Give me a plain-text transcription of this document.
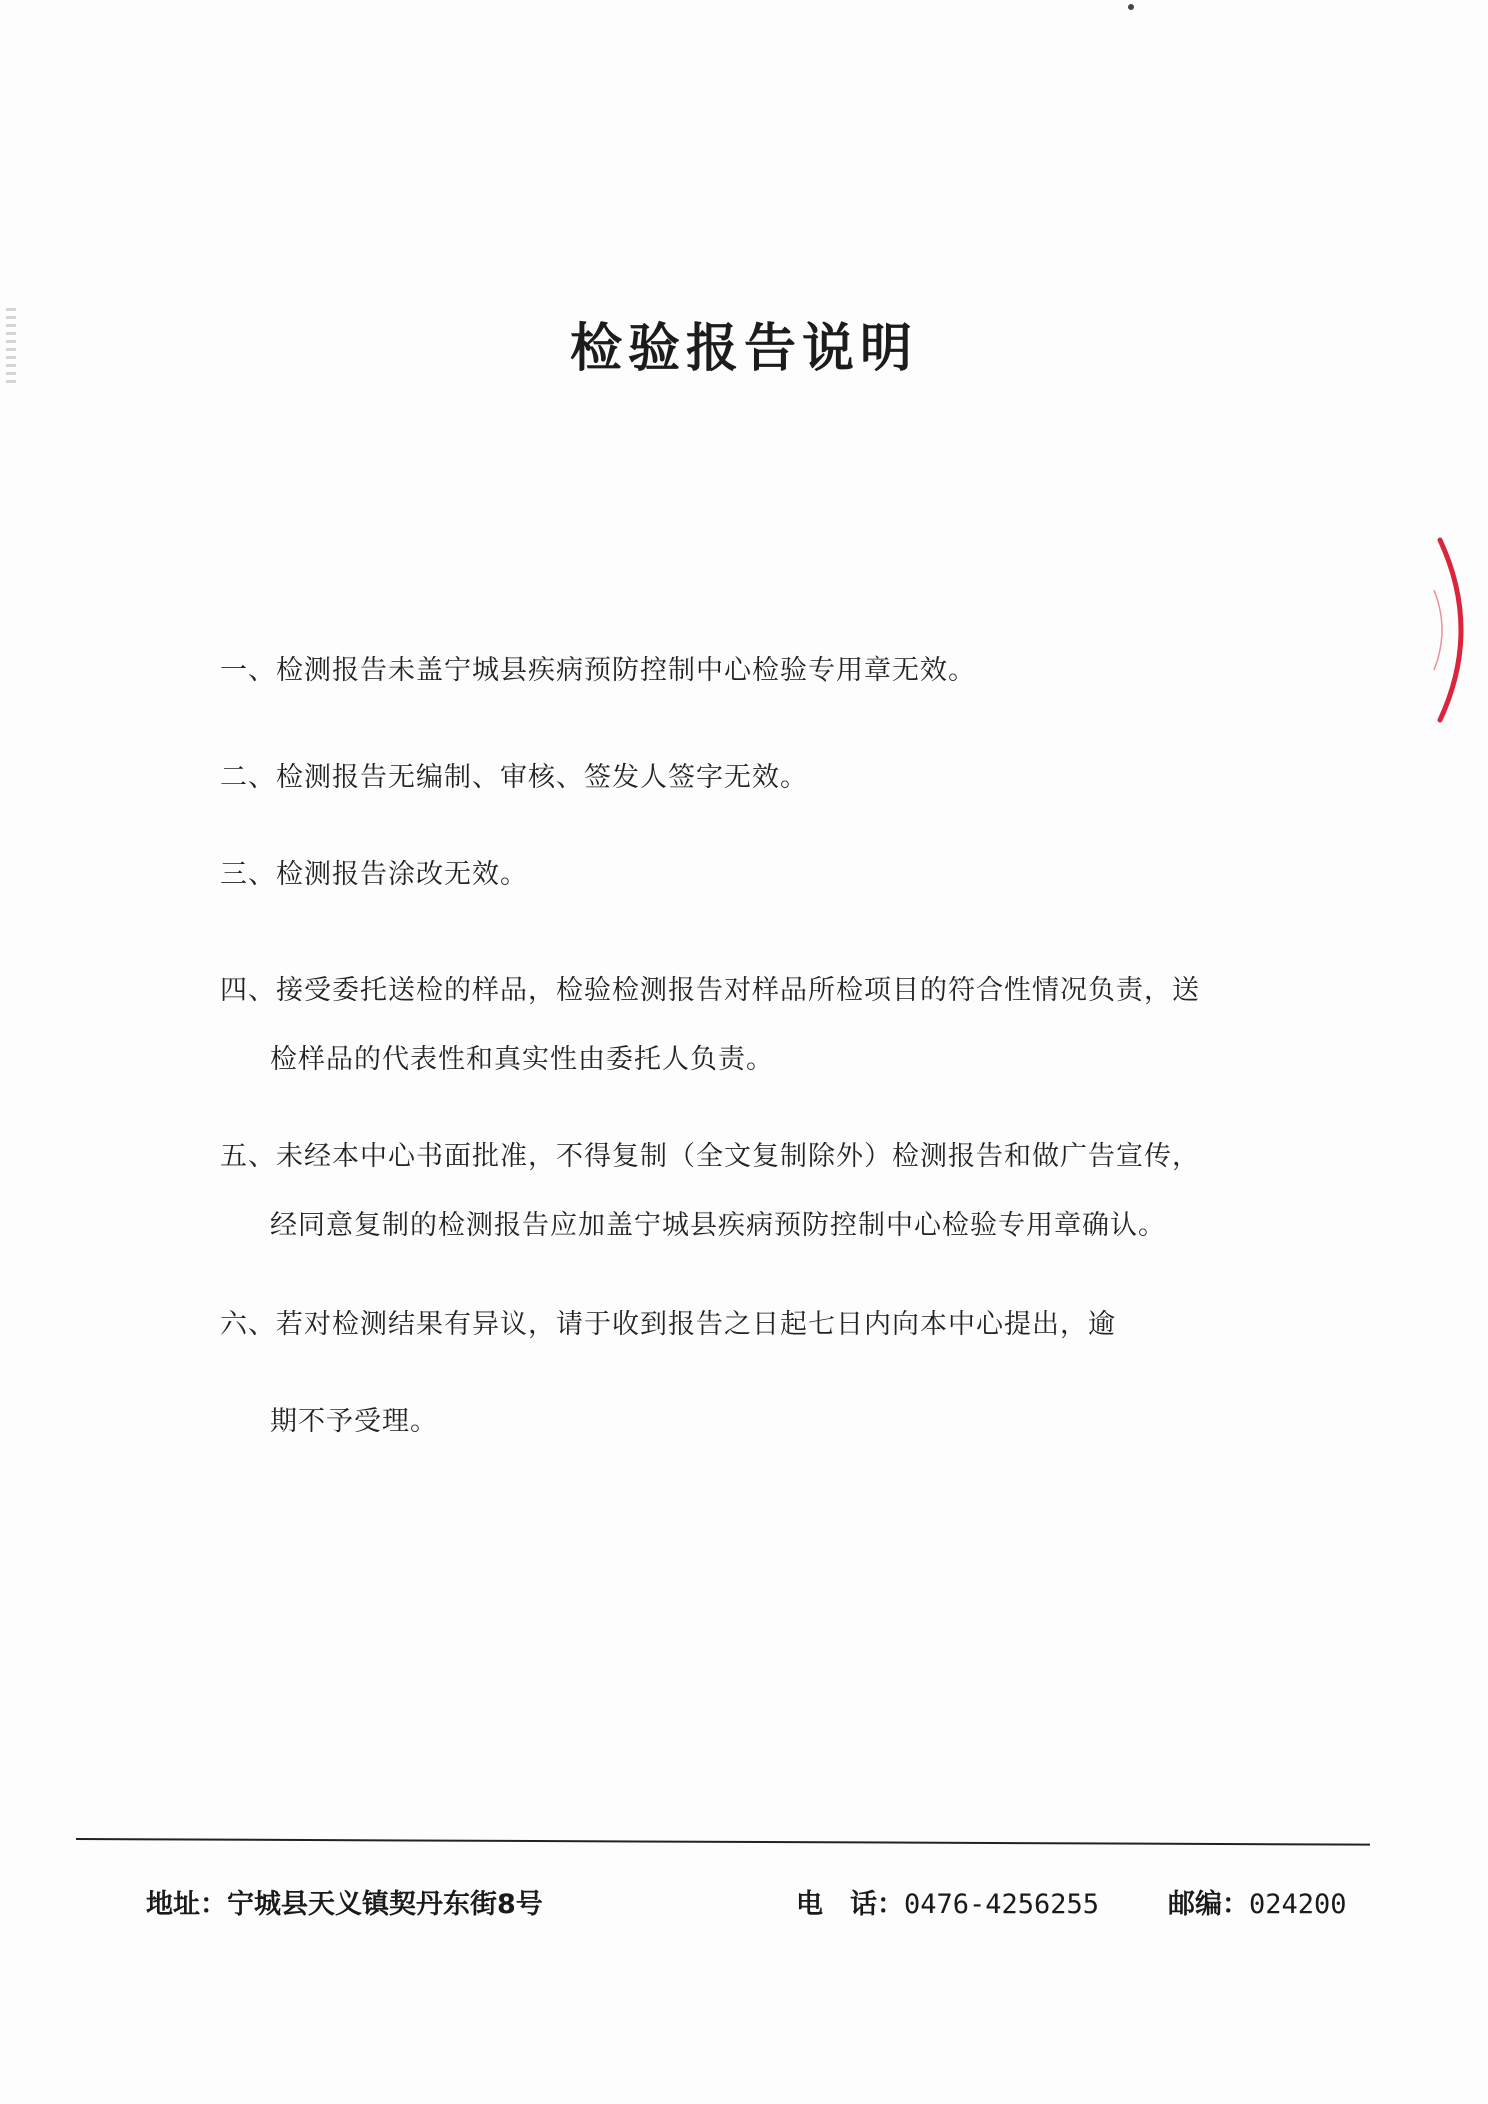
检验报告说明
一、检测报告未盖宁城县疾病预防控制中心检验专用章无效。
二、检测报告无编制、审核、签发人签字无效。
三、检测报告涂改无效。
四、接受委托送检的样品，检验检测报告对样品所检项目的符合性情况负责，送
检样品的代表性和真实性由委托人负责。
五、未经本中心书面批准，不得复制（全文复制除外）检测报告和做广告宣传，
经同意复制的检测报告应加盖宁城县疾病预防控制中心检验专用章确认。
六、若对检测结果有异议，请于收到报告之日起七日内向本中心提出，逾
期不予受理。
地址：宁城县天义镇契丹东街8号	电　话：0476-4256255	邮编：024200
